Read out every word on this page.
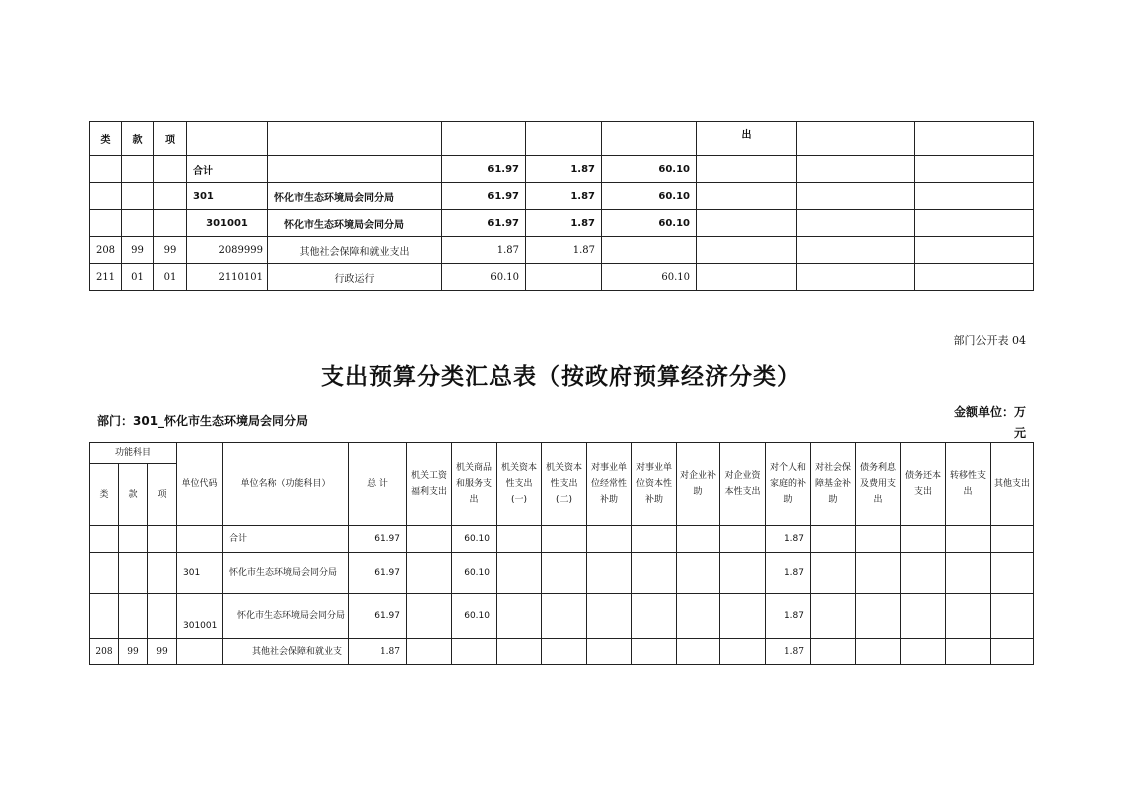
类	款	项						出		
			合计		61.97	1.87	60.10			
			301	怀化市生态环境局会同分局	61.97	1.87	60.10			
			301001	怀化市生态环境局会同分局	61.97	1.87	60.10			
208	99	99	2089999	其他社会保障和就业支出	1.87	1.87				
211	01	01	2110101	行政运行	60.10		60.10			
部门公开表 04
支出预算分类汇总表（按政府预算经济分类）
部门：301_怀化市生态环境局会同分局
金额单位：万元
功能科目			单位代码	单位名称（功能科目）	总 计	机关工资福利支出	机关商品和服务支出	机关资本性支出(一)	机关资本性支出(二)	对事业单位经常性补助	对事业单位资本性补助	对企业补助	对企业资本性支出	对个人和家庭的补助	对社会保障基金补助	债务利息及费用支出	债务还本支出	转移性支出	其他支出
类	款	项																	
				合计	61.97		60.10							1.87					
			301	怀化市生态环境局会同分局	61.97		60.10							1.87					
			301001	怀化市生态环境局会同分局	61.97		60.10							1.87					
208	99	99		其他社会保障和就业支	1.87									1.87					
